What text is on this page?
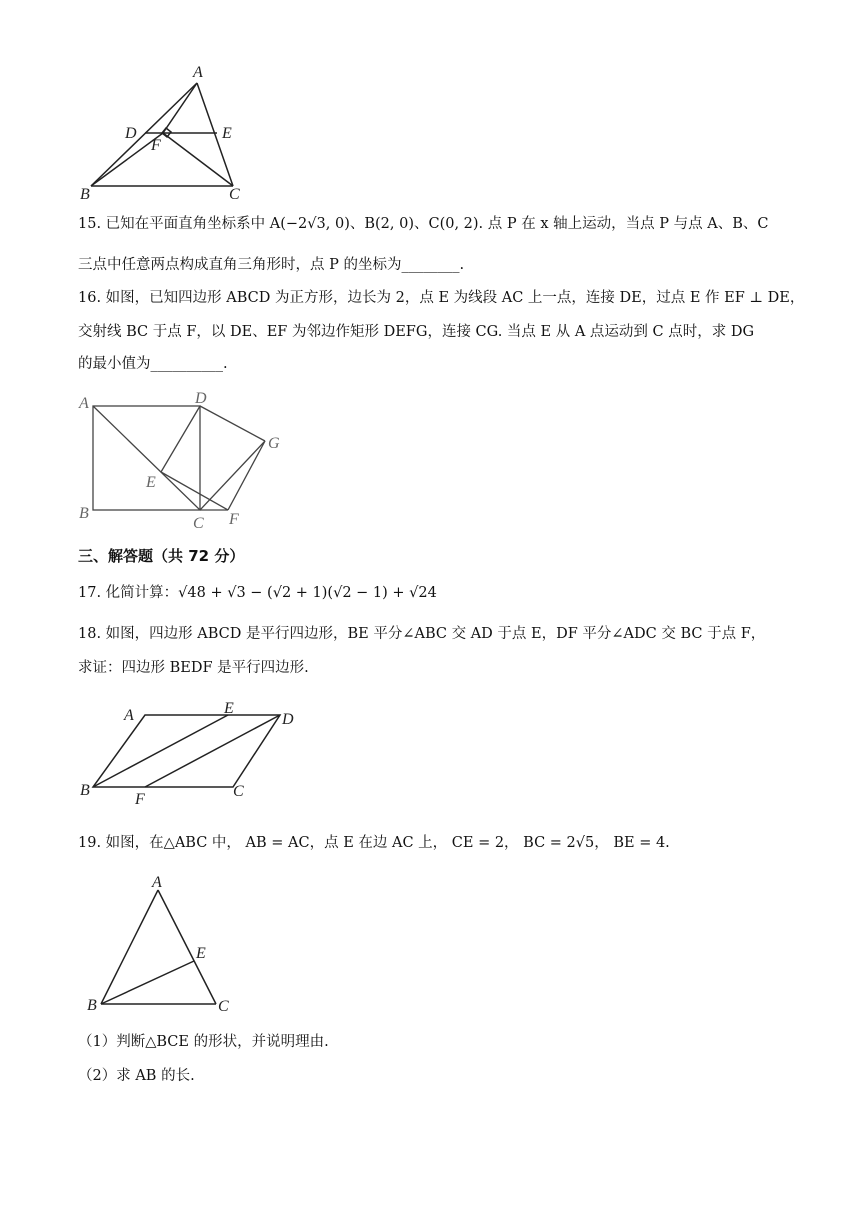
A
D	E
F
B	C
15. 已知在平面直角坐标系中 A(−2√3, 0)、B(2, 0)、C(0, 2). 点 P 在 x 轴上运动，当点 P 与点 A、B、C
三点中任意两点构成直角三角形时，点 P 的坐标为________.
16. 如图，已知四边形 ABCD 为正方形，边长为 2，点 E 为线段 AC 上一点，连接 DE，过点 E 作 EF ⊥ DE，
交射线 BC 于点 F，以 DE、EF 为邻边作矩形 DEFG，连接 CG. 当点 E 从 A 点运动到 C 点时，求 DG
的最小值为__________.
A	D
G
E
B
C F
三、解答题（共 72 分）
17. 化简计算：√48 + √3 − (√2 + 1)(√2 − 1) + √24
18. 如图，四边形 ABCD 是平行四边形，BE 平分∠ABC 交 AD 于点 E，DF 平分∠ADC 交 BC 于点 F，
求证：四边形 BEDF 是平行四边形.
A	E
D
B
F	C
19. 如图，在△ABC 中， AB = AC，点 E 在边 AC 上， CE = 2， BC = 2√5， BE = 4.
A
E
B	C
（1）判断△BCE 的形状，并说明理由.
（2）求 AB 的长.
